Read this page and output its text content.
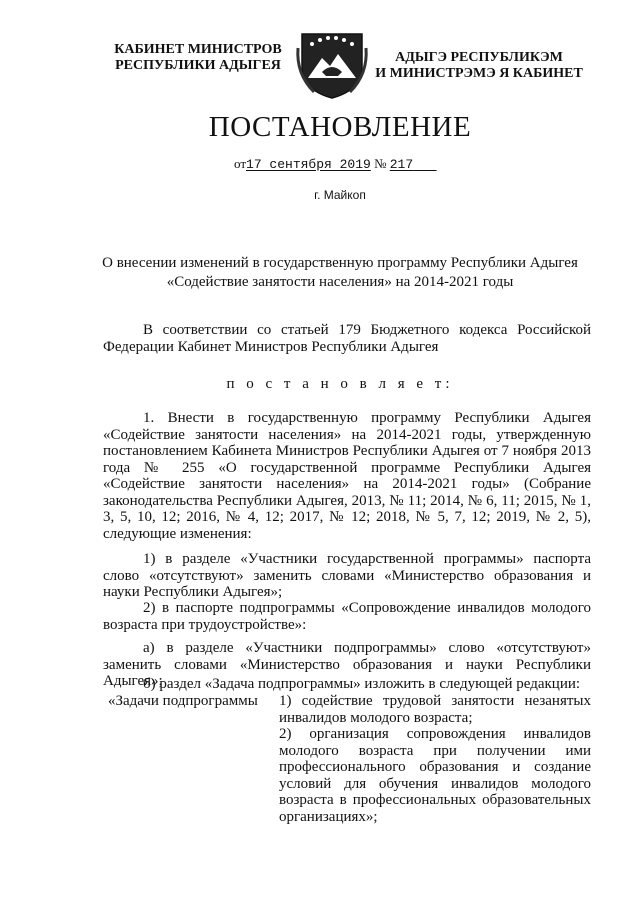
КАБИНЕТ МИНИСТРОВ
РЕСПУБЛИКИ АДЫГЕЯ
АДЫГЭ РЕСПУБЛИКЭМ
И МИНИСТРЭМЭ Я КАБИНЕТ
ПОСТАНОВЛЕНИЕ
от17 сентября 2019 № 217
г. Майкоп
О внесении изменений в государственную программу Республики Адыгея
«Содействие занятости населения» на 2014-2021 годы
В соответствии со статьей 179 Бюджетного кодекса Российской Федерации Кабинет Министров Республики Адыгея
п о с т а н о в л я е т:
1. Внести в государственную программу Республики Адыгея «Содействие занятости населения» на 2014-2021 годы, утвержденную постановлением Кабинета Министров Республики Адыгея от 7 ноября 2013 года № 255 «О государственной программе Республики Адыгея «Содействие занятости населения» на 2014-2021 годы» (Собрание законодательства Республики Адыгея, 2013, № 11; 2014, № 6, 11; 2015, № 1, 3, 5, 10, 12; 2016, № 4, 12; 2017, № 12; 2018, № 5, 7, 12; 2019, № 2, 5), следующие изменения:
1) в разделе «Участники государственной программы» паспорта слово «отсутствуют» заменить словами «Министерство образования и науки Республики Адыгея»;
2) в паспорте подпрограммы «Сопровождение инвалидов молодого возраста при трудоустройстве»:
а) в разделе «Участники подпрограммы» слово «отсутствуют» заменить словами «Министерство образования и науки Республики Адыгея»;
б) раздел «Задача подпрограммы» изложить в следующей редакции:
«Задачи подпрограммы	1) содействие трудовой занятости незанятых инвалидов молодого возраста;

2) организация сопровождения инвалидов молодого возраста при получении ими профессионального образования и создание условий для обучения инвалидов молодого возраста в профессиональных образовательных организациях»;
